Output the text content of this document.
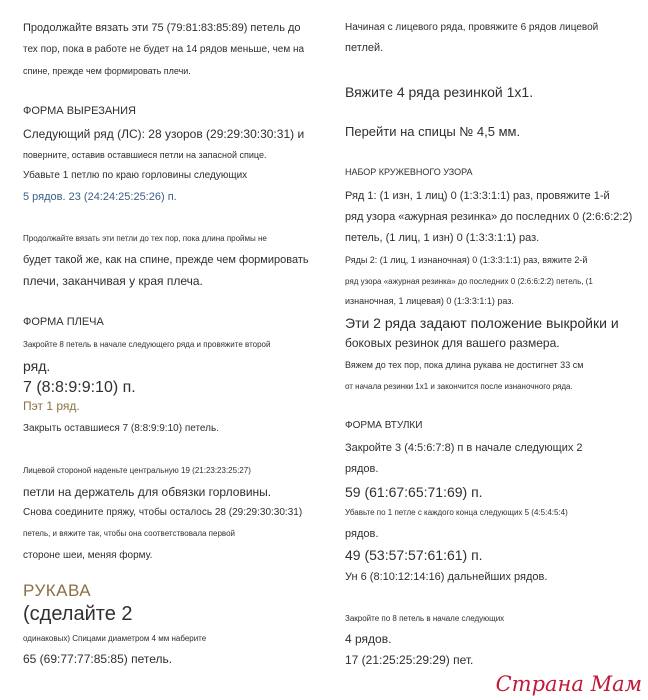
Продолжайте вязать эти 75 (79:81:83:85:89) петель до
тех пор, пока в работе не будет на 14 рядов меньше, чем на
спине, прежде чем формировать плечи.
ФОРМА ВЫРЕЗАНИЯ
Следующий ряд (ЛС): 28 узоров (29:29:30:30:31) и
повернитe, оставив оставшиеся петли на запасной спице.
Убавьте 1 петлю по краю горловины следующих
5 рядов. 23 (24:24:25:25:26) п.
Продолжайте вязать эти петли до тех пор, пока длина проймы не
будет такой же, как на спине, прежде чем формировать
плечи, заканчивая у края плеча.
ФОРМА ПЛЕЧА
Закройте 8 петель в начале следующего ряда и провяжите второй
ряд.
7 (8:8:9:9:10) п.
Пэт 1 ряд.
Закрыть оставшиеся 7 (8:8:9:9:10) петель.
Лицевой стороной наденьте центральную 19 (21:23:23:25:27)
петли на держатель для обвязки горловины.
Снова соедините пряжу, чтобы осталось 28 (29:29:30:30:31)
петель, и вяжите так, чтобы она соответствовала первой
стороне шеи, меняя форму.
РУКАВА
(сделайте 2
одинаковых) Спицами диаметром 4 мм наберите
65 (69:77:77:85:85) петель.
Начиная с лицевого ряда, провяжите 6 рядов лицевой
петлей.
Вяжите 4 ряда резинкой 1x1.
Перейти на спицы № 4,5 мм.
НАБОР КРУЖЕВНОГО УЗОРА
Ряд 1: (1 изн, 1 лиц) 0 (1:3:3:1:1) раз, провяжите 1-й
ряд узора «ажурная резинка» до последних 0 (2:6:6:2:2)
петель, (1 лиц, 1 изн) 0 (1:3:3:1:1) раз.
Ряды 2: (1 лиц, 1 изнаночная) 0 (1:3:3:1:1) раз, вяжите 2-й
ряд узора «ажурная резинка» до последних 0 (2:6:6:2:2) петель, (1
изнаночная, 1 лицевая) 0 (1:3:3:1:1) раз.
Эти 2 ряда задают положение выкройки и
боковых резинок для вашего размера.
Вяжем до тех пор, пока длина рукава не достигнет 33 см
от начала резинки 1x1 и закончится после изнаночного ряда.
ФОРМА ВТУЛКИ
Закройте 3 (4:5:6:7:8) п в начале следующих 2
рядов.
59 (61:67:65:71:69) п.
Убавьте по 1 петле с каждого конца следующих 5 (4:5:4:5:4)
рядов.
49 (53:57:57:61:61) п.
Ун 6 (8:10:12:14:16) дальнейших рядов.
Закройте по 8 петель в начале следующих
4 рядов.
17 (21:25:25:29:29) пет.
Страна Мам
